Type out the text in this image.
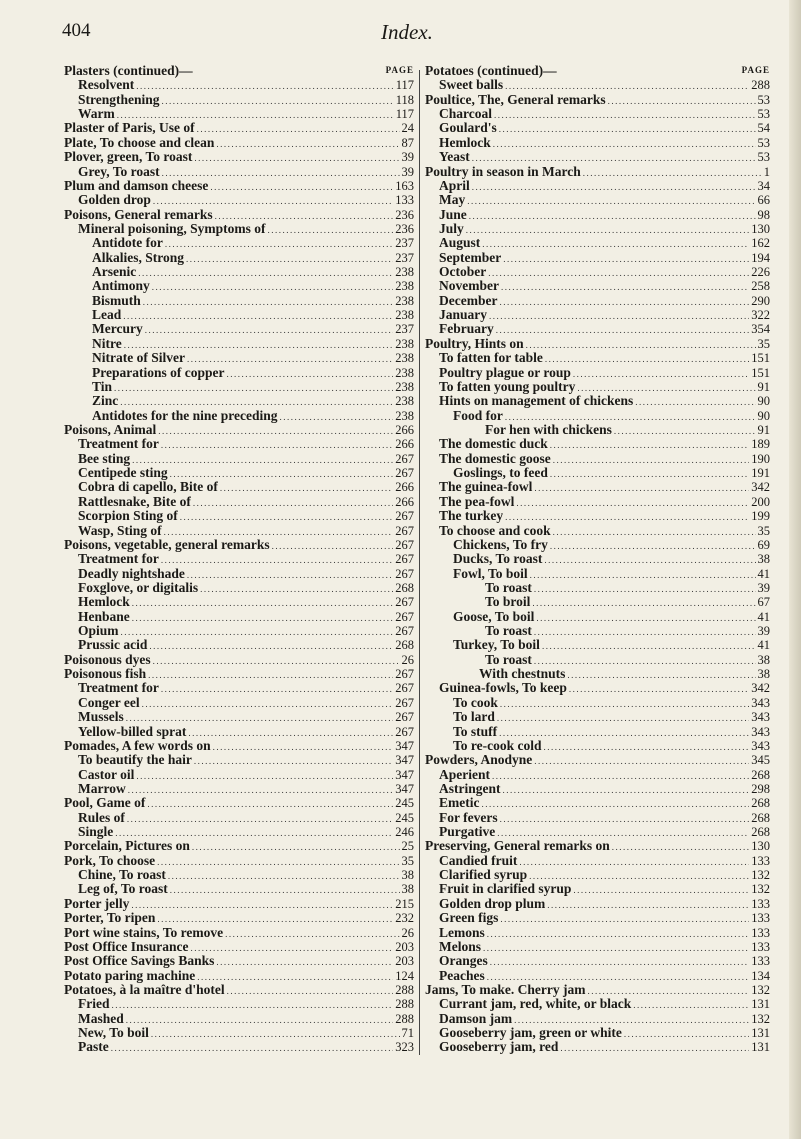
404	Index.
Plasters (continued)—	PAGE
Resolvent .....	117
Strengthening .....	118
Warm .....	117
Plaster of Paris, Use of .....	24
Plate, To choose and clean .....	87
Plover, green, To roast .....	39
Grey, To roast .....	39
Plum and damson cheese .....	163
Golden drop .....	133
Poisons, General remarks .....	236
Mineral poisoning, Symptoms of .....	236
Antidote for .....	237
Alkalies, Strong .....	237
Arsenic .....	238
Antimony .....	238
Bismuth .....	238
Lead .....	238
Mercury .....	237
Nitre .....	238
Nitrate of Silver .....	238
Preparations of copper .....	238
Tin .....	238
Zinc .....	238
Antidotes for the nine preceding .....	238
Poisons, Animal .....	266
Treatment for .....	266
Bee sting .....	267
Centipede sting .....	267
Cobra di capello, Bite of .....	266
Rattlesnake, Bite of .....	266
Scorpion Sting of .....	267
Wasp, Sting of .....	267
Poisons, vegetable, general remarks .....	267
Treatment for .....	267
Deadly nightshade .....	267
Foxglove, or digitalis .....	268
Hemlock .....	267
Henbane .....	267
Opium .....	267
Prussic acid .....	268
Poisonous dyes .....	26
Poisonous fish .....	267
Treatment for .....	267
Conger eel .....	267
Mussels .....	267
Yellow-billed sprat .....	267
Pomades, A few words on .....	347
To beautify the hair .....	347
Castor oil .....	347
Marrow .....	347
Pool, Game of .....	245
Rules of .....	245
Single .....	246
Porcelain, Pictures on .....	25
Pork, To choose .....	35
Chine, To roast .....	38
Leg of, To roast .....	38
Porter jelly .....	215
Porter, To ripen .....	232
Port wine stains, To remove .....	26
Post Office Insurance .....	203
Post Office Savings Banks .....	203
Potato paring machine .....	124
Potatoes, à la maître d'hotel .....	288
Fried .....	288
Mashed .....	288
New, To boil .....	71
Paste .....	323
Potatoes (continued)—	PAGE
Sweet balls .....	288
Poultice, The, General remarks .....	53
Charcoal .....	53
Goulard's .....	54
Hemlock .....	53
Yeast .....	53
Poultry in season in March .....	1
April .....	34
May .....	66
June .....	98
July .....	130
August .....	162
September .....	194
October .....	226
November .....	258
December .....	290
January .....	322
February .....	354
Poultry, Hints on .....	35
To fatten for table .....	151
Poultry plague or roup .....	151
To fatten young poultry .....	91
Hints on management of chickens .....	90
Food for .....	90
For hen with chickens .....	91
The domestic duck .....	189
The domestic goose .....	190
Goslings, to feed .....	191
The guinea-fowl .....	342
The pea-fowl .....	200
The turkey .....	199
To choose and cook .....	35
Chickens, To fry .....	69
Ducks, To roast .....	38
Fowl, To boil .....	41
To roast .....	39
To broil .....	67
Goose, To boil .....	41
To roast .....	39
Turkey, To boil .....	41
To roast .....	38
With chestnuts .....	38
Guinea-fowls, To keep .....	342
To cook .....	343
To lard .....	343
To stuff .....	343
To re-cook cold .....	343
Powders, Anodyne .....	345
Aperient .....	268
Astringent .....	298
Emetic .....	268
For fevers .....	268
Purgative .....	268
Preserving, General remarks on .....	130
Candied fruit .....	133
Clarified syrup .....	132
Fruit in clarified syrup .....	132
Golden drop plum .....	133
Green figs .....	133
Lemons .....	133
Melons .....	133
Oranges .....	133
Peaches .....	134
Jams, To make. Cherry jam .....	132
Currant jam, red, white, or black .....	131
Damson jam .....	132
Gooseberry jam, green or white .....	131
Gooseberry jam, red .....	131
